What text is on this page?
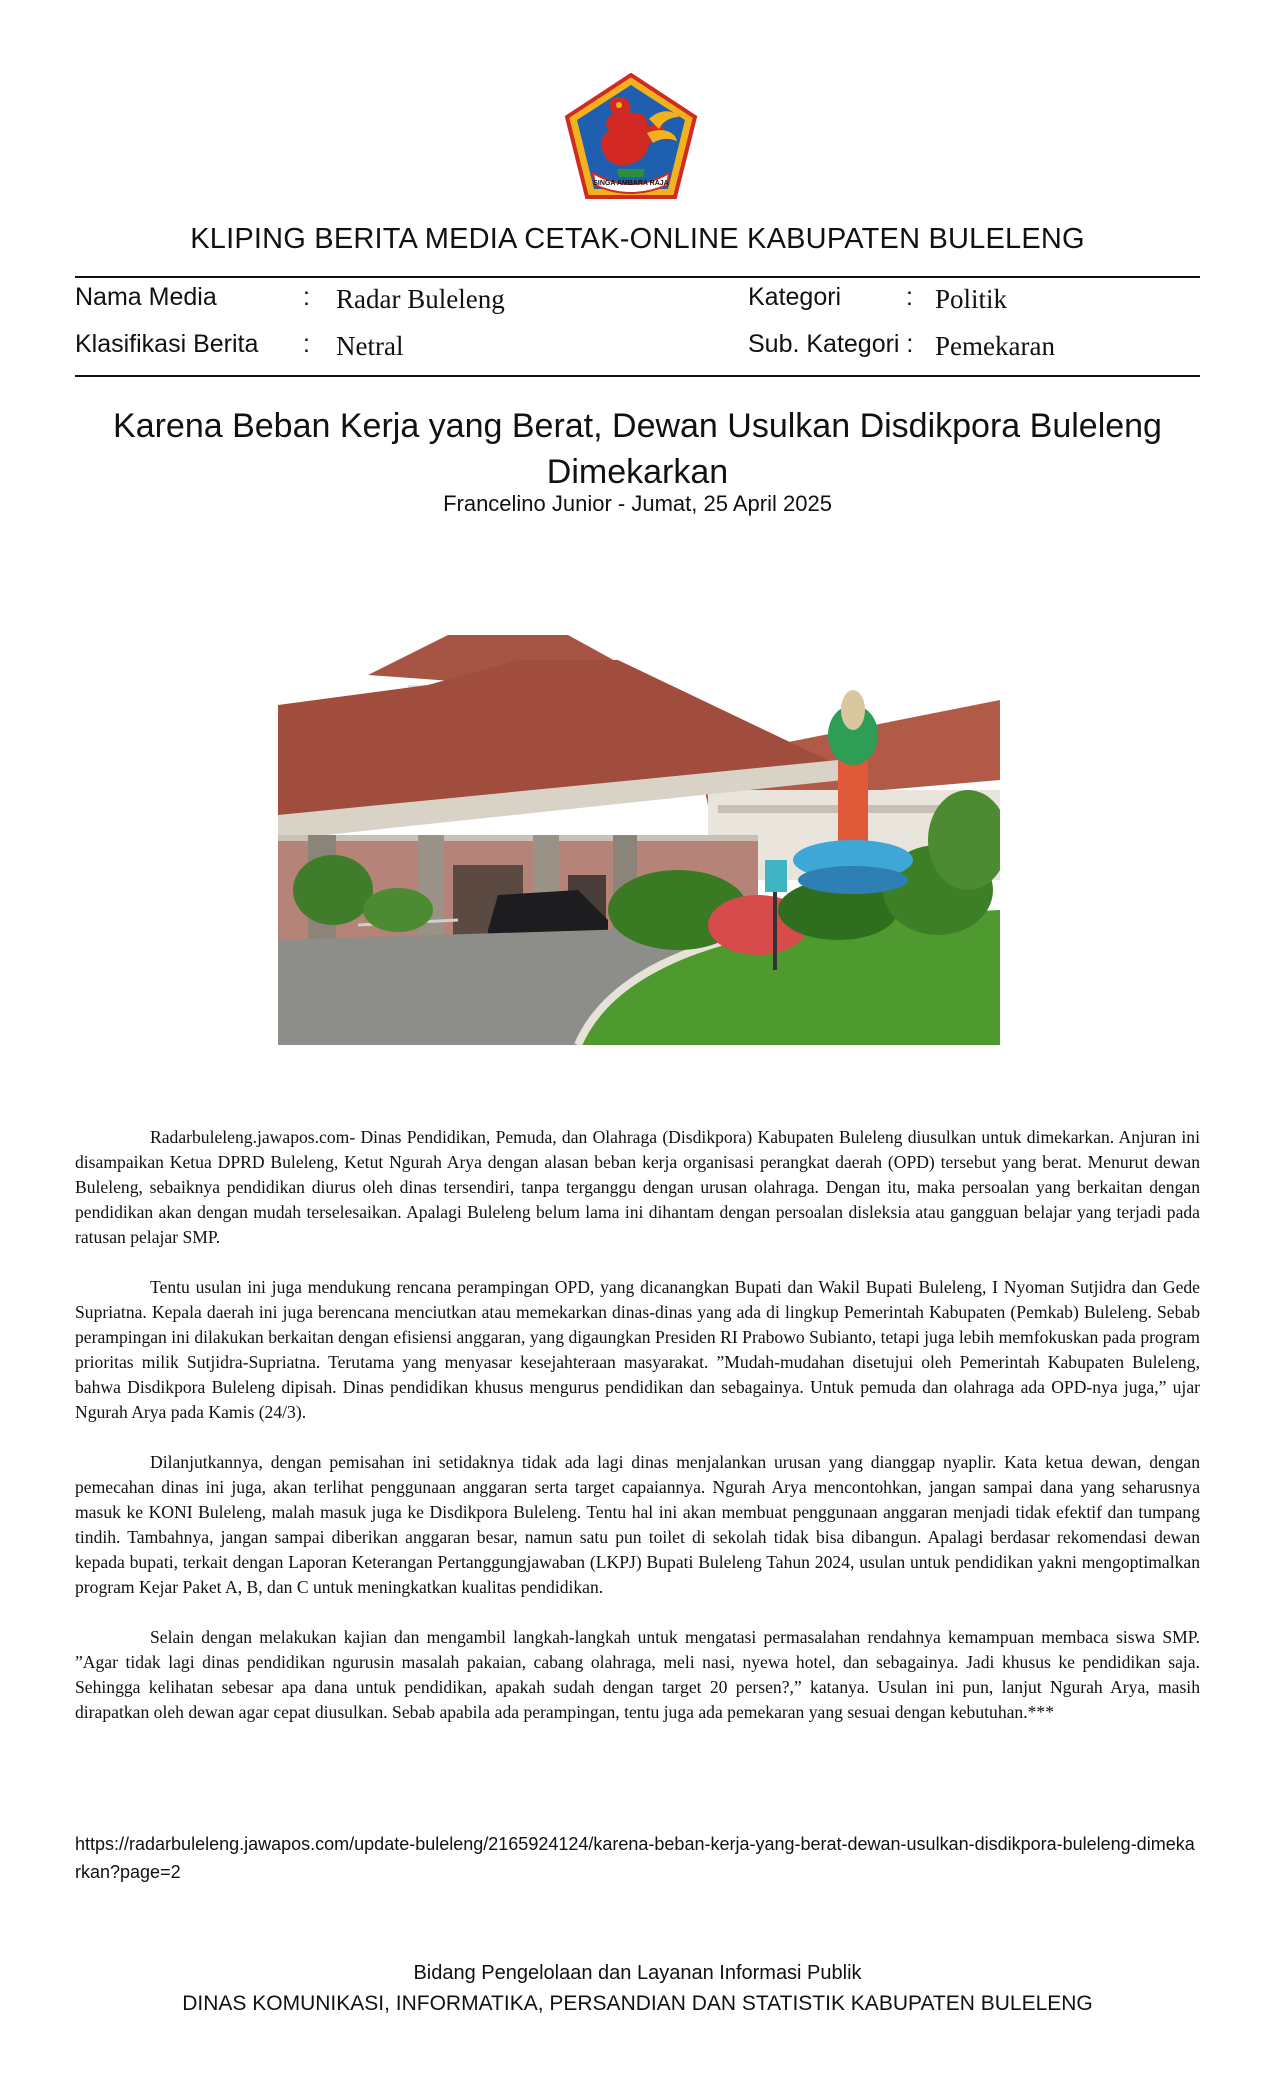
SINGA AMBARA RAJA
KLIPING BERITA MEDIA CETAK-ONLINE KABUPATEN BULELENG
Nama Media	: Radar Buleleng
Klasifikasi Berita : Netral
Kategori	: Politik
Sub. Kategori : Pemekaran
Karena Beban Kerja yang Berat, Dewan Usulkan Disdikpora Buleleng Dimekarkan
Francelino Junior - Jumat, 25 April 2025

Radarbuleleng.jawapos.com- Dinas Pendidikan, Pemuda, dan Olahraga (Disdikpora) Kabupaten Buleleng diusulkan untuk dimekarkan. Anjuran ini disampaikan Ketua DPRD Buleleng, Ketut Ngurah Arya dengan alasan beban kerja organisasi perangkat daerah (OPD) tersebut yang berat. Menurut dewan Buleleng, sebaiknya pendidikan diurus oleh dinas tersendiri, tanpa terganggu dengan urusan olahraga. Dengan itu, maka persoalan yang berkaitan dengan pendidikan akan dengan mudah terselesaikan. Apalagi Buleleng belum lama ini dihantam dengan persoalan disleksia atau gangguan belajar yang terjadi pada ratusan pelajar SMP.

Tentu usulan ini juga mendukung rencana perampingan OPD, yang dicanangkan Bupati dan Wakil Bupati Buleleng, I Nyoman Sutjidra dan Gede Supriatna. Kepala daerah ini juga berencana menciutkan atau memekarkan dinas-dinas yang ada di lingkup Pemerintah Kabupaten (Pemkab) Buleleng. Sebab perampingan ini dilakukan berkaitan dengan efisiensi anggaran, yang digaungkan Presiden RI Prabowo Subianto, tetapi juga lebih memfokuskan pada program prioritas milik Sutjidra-Supriatna. Terutama yang menyasar kesejahteraan masyarakat. ”Mudah-mudahan disetujui oleh Pemerintah Kabupaten Buleleng, bahwa Disdikpora Buleleng dipisah. Dinas pendidikan khusus mengurus pendidikan dan sebagainya. Untuk pemuda dan olahraga ada OPD-nya juga,” ujar Ngurah Arya pada Kamis (24/3).

Dilanjutkannya, dengan pemisahan ini setidaknya tidak ada lagi dinas menjalankan urusan yang dianggap nyaplir. Kata ketua dewan, dengan pemecahan dinas ini juga, akan terlihat penggunaan anggaran serta target capaiannya. Ngurah Arya mencontohkan, jangan sampai dana yang seharusnya masuk ke KONI Buleleng, malah masuk juga ke Disdikpora Buleleng. Tentu hal ini akan membuat penggunaan anggaran menjadi tidak efektif dan tumpang tindih. Tambahnya, jangan sampai diberikan anggaran besar, namun satu pun toilet di sekolah tidak bisa dibangun. Apalagi berdasar rekomendasi dewan kepada bupati, terkait dengan Laporan Keterangan Pertanggungjawaban (LKPJ) Bupati Buleleng Tahun 2024, usulan untuk pendidikan yakni mengoptimalkan program Kejar Paket A, B, dan C untuk meningkatkan kualitas pendidikan.

Selain dengan melakukan kajian dan mengambil langkah-langkah untuk mengatasi permasalahan rendahnya kemampuan membaca siswa SMP. ”Agar tidak lagi dinas pendidikan ngurusin masalah pakaian, cabang olahraga, meli nasi, nyewa hotel, dan sebagainya. Jadi khusus ke pendidikan saja. Sehingga kelihatan sebesar apa dana untuk pendidikan, apakah sudah dengan target 20 persen?,” katanya. Usulan ini pun, lanjut Ngurah Arya, masih dirapatkan oleh dewan agar cepat diusulkan. Sebab apabila ada perampingan, tentu juga ada pemekaran yang sesuai dengan kebutuhan.***

https://radarbuleleng.jawapos.com/update-buleleng/2165924124/karena-beban-kerja-yang-berat-dewan-usulkan-disdikpora-buleleng-dimekarkan?page=2
Bidang Pengelolaan dan Layanan Informasi Publik
DINAS KOMUNIKASI, INFORMATIKA, PERSANDIAN DAN STATISTIK KABUPATEN BULELENG
